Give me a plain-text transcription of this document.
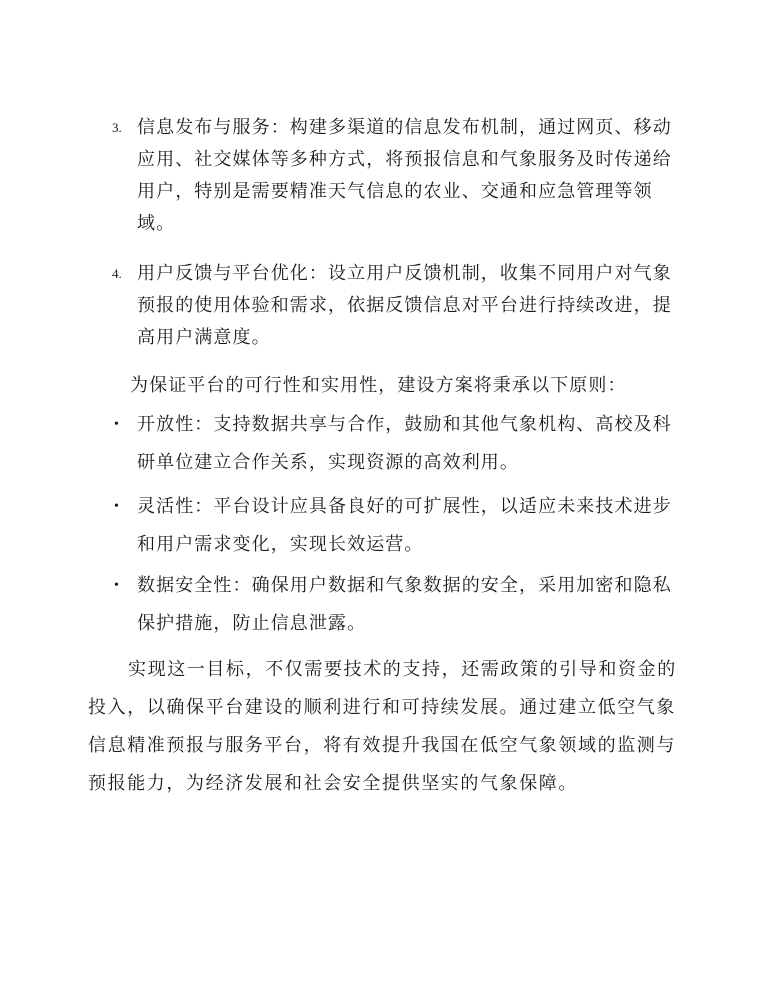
3. 信息发布与服务：构建多渠道的信息发布机制，通过网页、移动应用、社交媒体等多种方式，将预报信息和气象服务及时传递给用户，特别是需要精准天气信息的农业、交通和应急管理等领域。
4. 用户反馈与平台优化：设立用户反馈机制，收集不同用户对气象预报的使用体验和需求，依据反馈信息对平台进行持续改进，提高用户满意度。
为保证平台的可行性和实用性，建设方案将秉承以下原则：
• 开放性：支持数据共享与合作，鼓励和其他气象机构、高校及科研单位建立合作关系，实现资源的高效利用。
• 灵活性：平台设计应具备良好的可扩展性，以适应未来技术进步和用户需求变化，实现长效运营。
• 数据安全性：确保用户数据和气象数据的安全，采用加密和隐私保护措施，防止信息泄露。
实现这一目标，不仅需要技术的支持，还需政策的引导和资金的投入，以确保平台建设的顺利进行和可持续发展。通过建立低空气象信息精准预报与服务平台，将有效提升我国在低空气象领域的监测与预报能力，为经济发展和社会安全提供坚实的气象保障。
